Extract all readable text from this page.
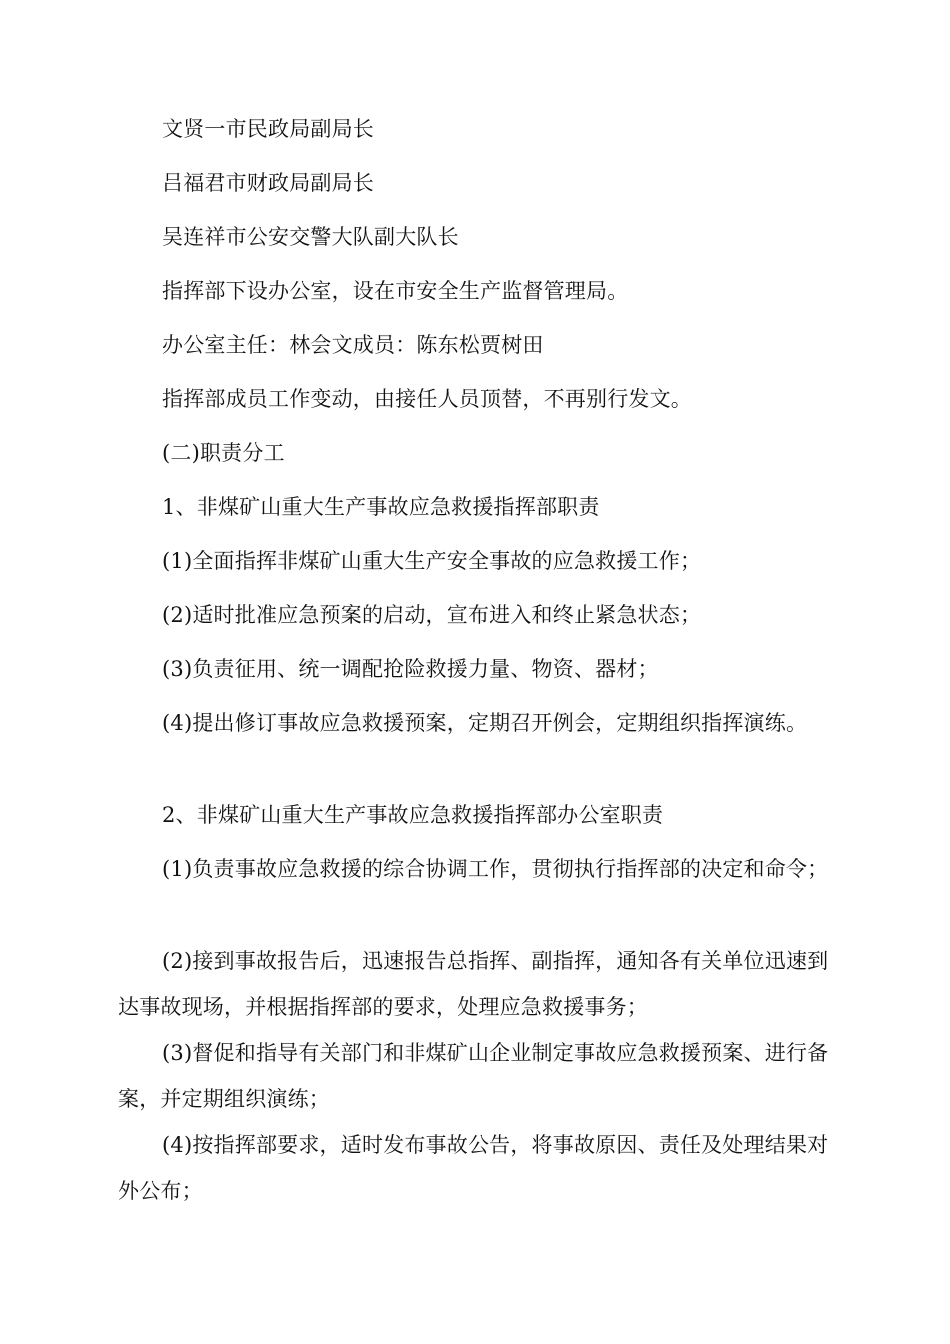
文贤一市民政局副局长

吕福君市财政局副局长

吴连祥市公安交警大队副大队长

指挥部下设办公室，设在市安全生产监督管理局。

办公室主任：林会文成员：陈东松贾树田

指挥部成员工作变动，由接任人员顶替，不再别行发文。

(二)职责分工

1、非煤矿山重大生产事故应急救援指挥部职责

(1)全面指挥非煤矿山重大生产安全事故的应急救援工作；

(2)适时批准应急预案的启动，宣布进入和终止紧急状态；

(3)负责征用、统一调配抢险救援力量、物资、器材；

(4)提出修订事故应急救援预案，定期召开例会，定期组织指挥演练。

2、非煤矿山重大生产事故应急救援指挥部办公室职责

(1)负责事故应急救援的综合协调工作，贯彻执行指挥部的决定和命令；

(2)接到事故报告后，迅速报告总指挥、副指挥，通知各有关单位迅速到达事故现场，并根据指挥部的要求，处理应急救援事务；

(3)督促和指导有关部门和非煤矿山企业制定事故应急救援预案、进行备案，并定期组织演练；

(4)按指挥部要求，适时发布事故公告，将事故原因、责任及处理结果对外公布；
